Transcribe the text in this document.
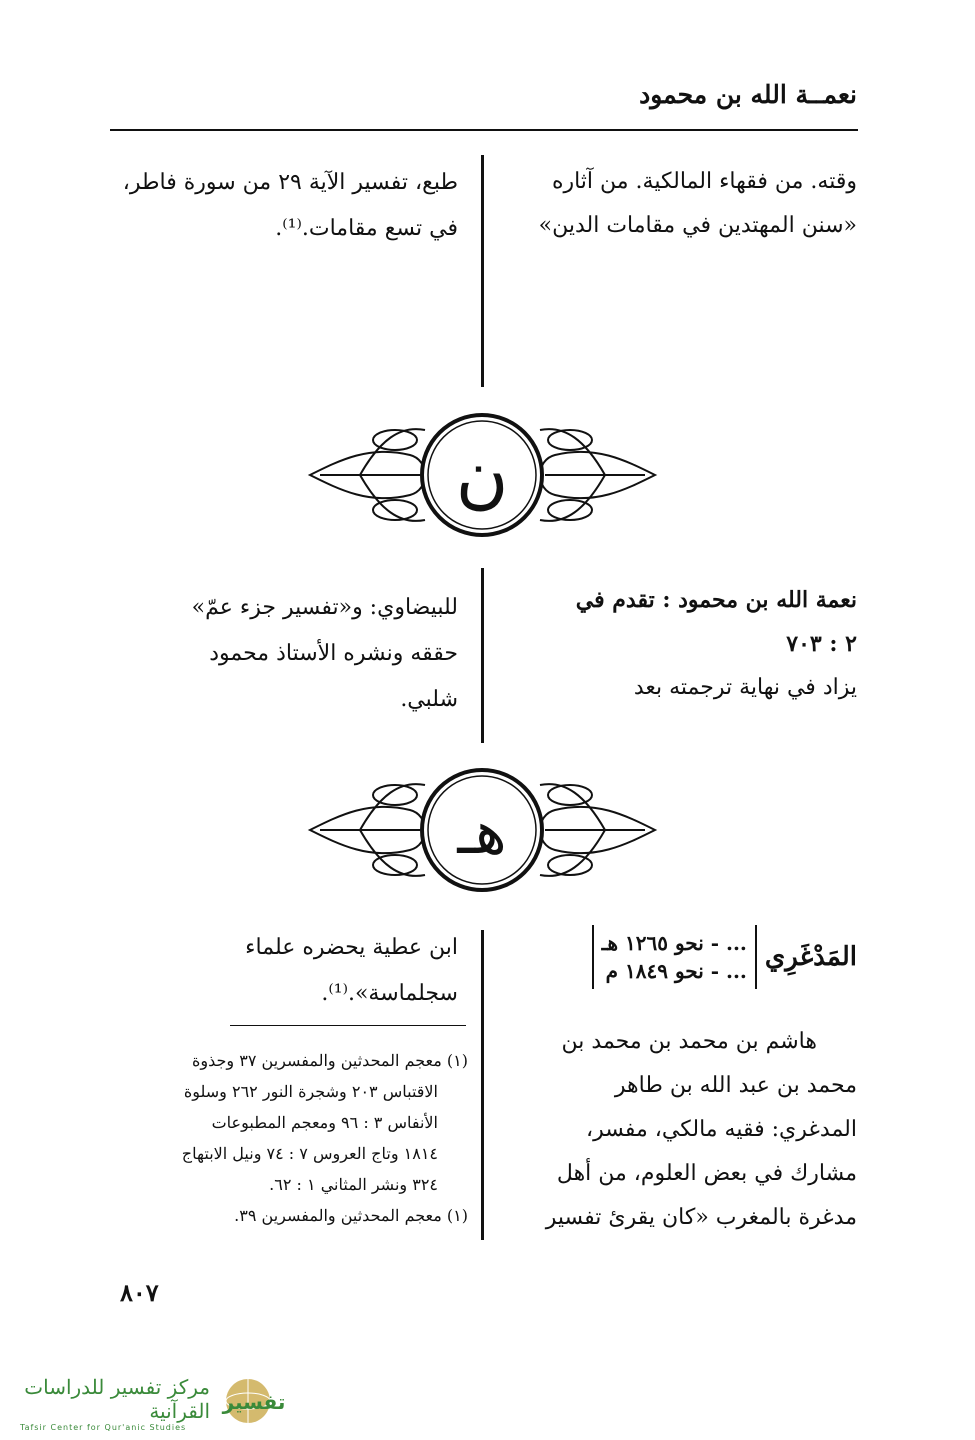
نعمــة الله بن محمود
وقته. من فقهاء المالكية. من آثاره
«سنن المهتدين في مقامات الدين»
طبع، تفسير الآية ٢٩ من سورة فاطر،
في تسع مقامات.⁽¹⁾.
ن
نعمة الله بن محمود : تقدم في
٢ : ٧٠٣
يزاد في نهاية ترجمته بعد
للبيضاوي: و«تفسير جزء عمّ»
حققه ونشره الأستاذ محمود
شلبي.
هـ
المَدْغَرِي
... - نحو ١٢٦٥ هـ
... - نحو ١٨٤٩ م
هاشم بن محمد بن محمد بن
محمد بن عبد الله بن طاهر
المدغري: فقيه مالكي، مفسر،
مشارك في بعض العلوم، من أهل
مدغرة بالمغرب «كان يقرئ تفسير
ابن عطية يحضره علماء
سجلماسة».⁽¹⁾.
(١) معجم المحدثين والمفسرين ٣٧ وجذوة
الاقتباس ٢٠٣ وشجرة النور ٢٦٢ وسلوة
الأنفاس ٣ : ٩٦ ومعجم المطبوعات
١٨١٤ وتاج العروس ٧ : ٧٤ ونيل الابتهاج
٣٢٤ ونشر المثاني ١ : ٦٢.
(١) معجم المحدثين والمفسرين ٣٩.
٨٠٧
مركز تفسير للدراسات القرآنية
Tafsir Center for Qur'anic Studies
تفسير
